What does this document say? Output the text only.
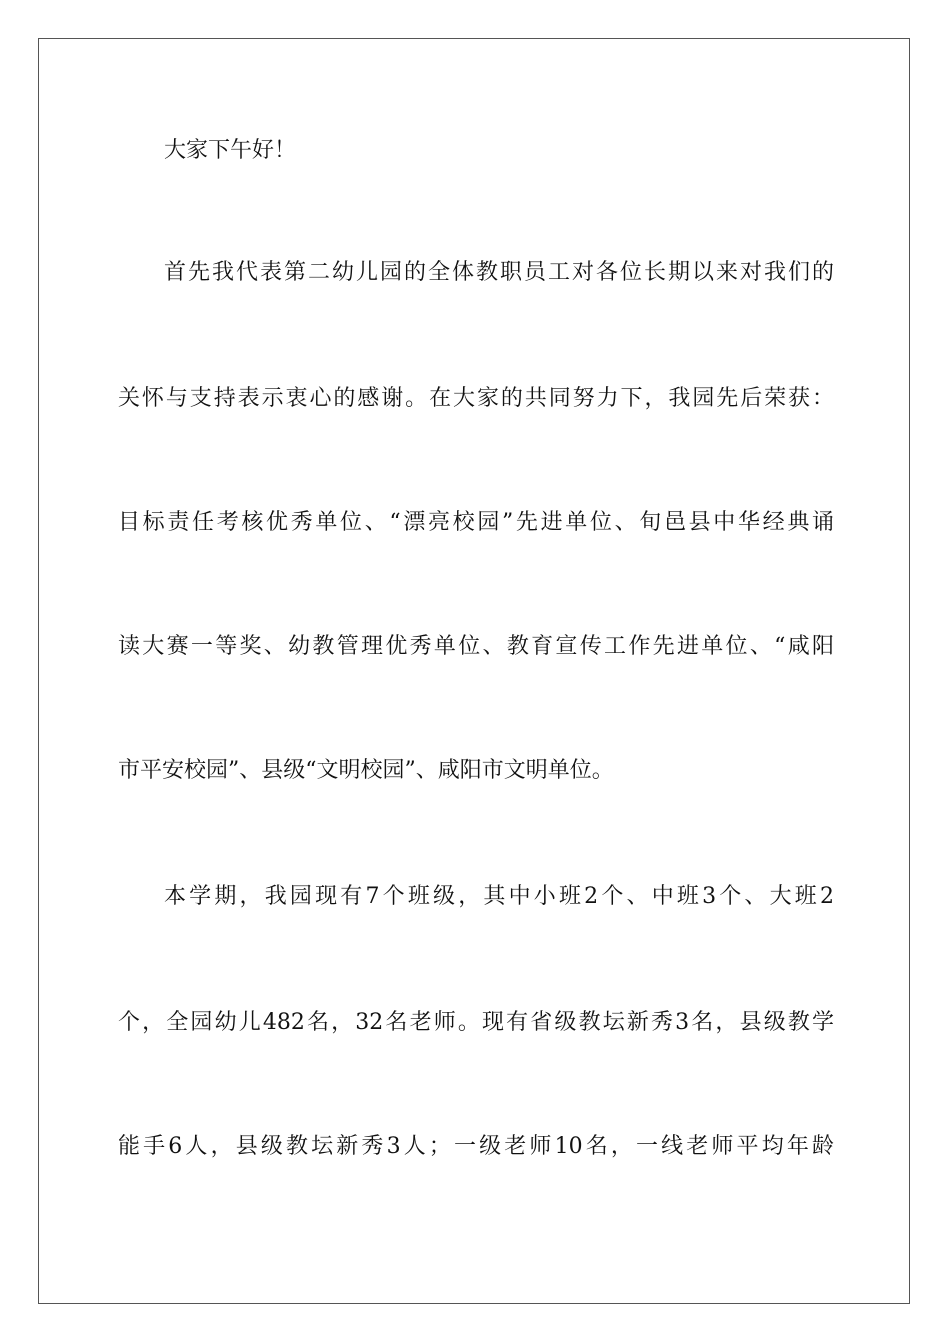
大家下午好！

首先我代表第二幼儿园的全体教职员工对各位长期以来对我们的

关怀与支持表示衷心的感谢。在大家的共同努力下，我园先后荣获：

目标责任考核优秀单位、“漂亮校园”先进单位、旬邑县中华经典诵

读大赛一等奖、幼教管理优秀单位、教育宣传工作先进单位、“咸阳

市平安校园”、县级“文明校园”、咸阳市文明单位。

本学期，我园现有7个班级，其中小班2个、中班3个、大班2

个，全园幼儿482名，32名老师。现有省级教坛新秀3名，县级教学

能手6人，县级教坛新秀3人；一级老师10名，一线老师平均年龄
